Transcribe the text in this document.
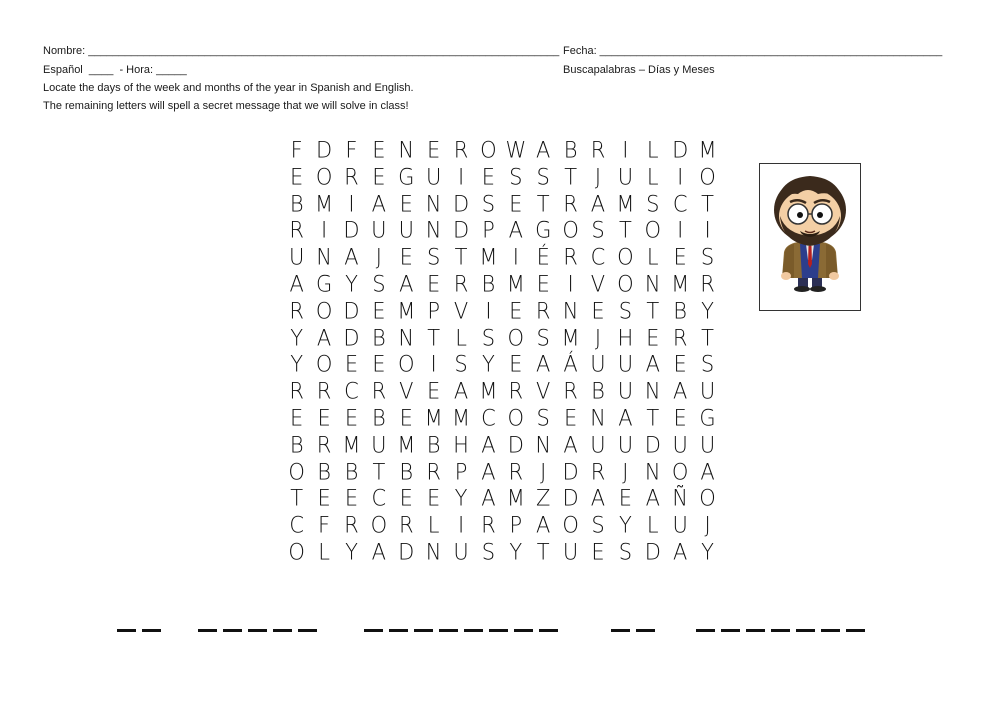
Nombre: _____________________________________________________________________________ Fecha: ________________________________________________________
Español  ____  - Hora: _____	Buscapalabras – Días y Meses
Locate the days of the week and months of the year in Spanish and English.
The remaining letters will spell a secret message that we will solve in class!
F D F E N E R O W A B R I L D M
E O R E G U I E S S T J U L I O
B M I A E N D S E T R A M S C T
R I D U U N D P A G O S T O I	I
U N A J E S T M I É R C O L E S
A G Y S A E R B M E I V O N M R
R O D E M P V I E R N E S T B Y
Y A D B N T L S O S M J H E R T
Y O E E O I S Y E A Á U U A E S
R R C R V E A M R V R B U N A U
E E E B E M M C O S E N A T E G
B R M U M B H A D N A U U D U U
O B B T B R P A R J D R J N O A
T E E C E E Y A M Z D A E A Ñ O
C F R O R L I R P A O S Y L U J
O L Y A D N U S Y T U E S D A Y
